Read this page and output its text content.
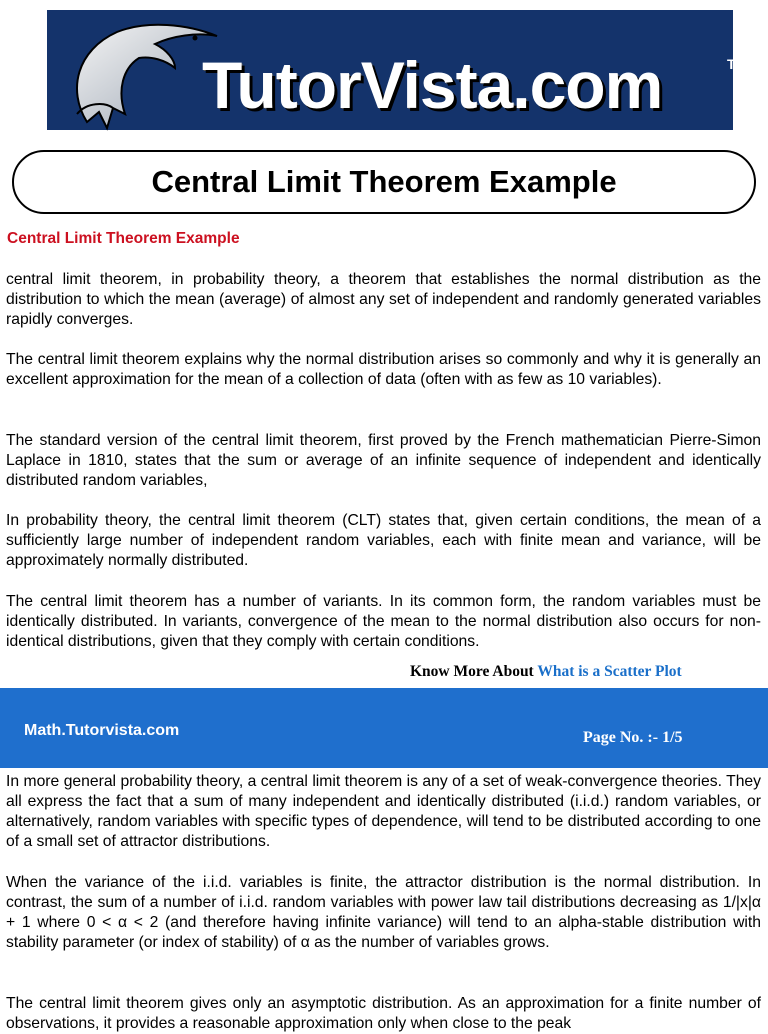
TutorVista.com	TM
Central Limit Theorem Example

Central Limit Theorem Example

central limit theorem, in probability theory, a theorem that establishes the normal distribution as the distribution to which the mean (average) of almost any set of independent and randomly generated variables rapidly converges.

The central limit theorem explains why the normal distribution arises so commonly and why it is generally an excellent approximation for the mean of a collection of data (often with as few as 10 variables).

The standard version of the central limit theorem, first proved by the French mathematician Pierre-Simon Laplace in 1810, states that the sum or average of an infinite sequence of independent and identically distributed random variables,

In probability theory, the central limit theorem (CLT) states that, given certain conditions, the mean of a sufficiently large number of independent random variables, each with finite mean and variance, will be approximately normally distributed.

The central limit theorem has a number of variants. In its common form, the random variables must be identically distributed. In variants, convergence of the mean to the normal distribution also occurs for non-identical distributions, given that they comply with certain conditions.

Know More About What is a Scatter Plot
Math.Tutorvista.com	Page No. :- 1/5

In more general probability theory, a central limit theorem is any of a set of weak-convergence theories. They all express the fact that a sum of many independent and identically distributed (i.i.d.) random variables, or alternatively, random variables with specific types of dependence, will tend to be distributed according to one of a small set of attractor distributions.

When the variance of the i.i.d. variables is finite, the attractor distribution is the normal distribution. In contrast, the sum of a number of i.i.d. random variables with power law tail distributions decreasing as 1/|x|α + 1 where 0 < α < 2 (and therefore having infinite variance) will tend to an alpha-stable distribution with stability parameter (or index of stability) of α as the number of variables grows.

The central limit theorem gives only an asymptotic distribution. As an approximation for a finite number of observations, it provides a reasonable approximation only when close to the peak
